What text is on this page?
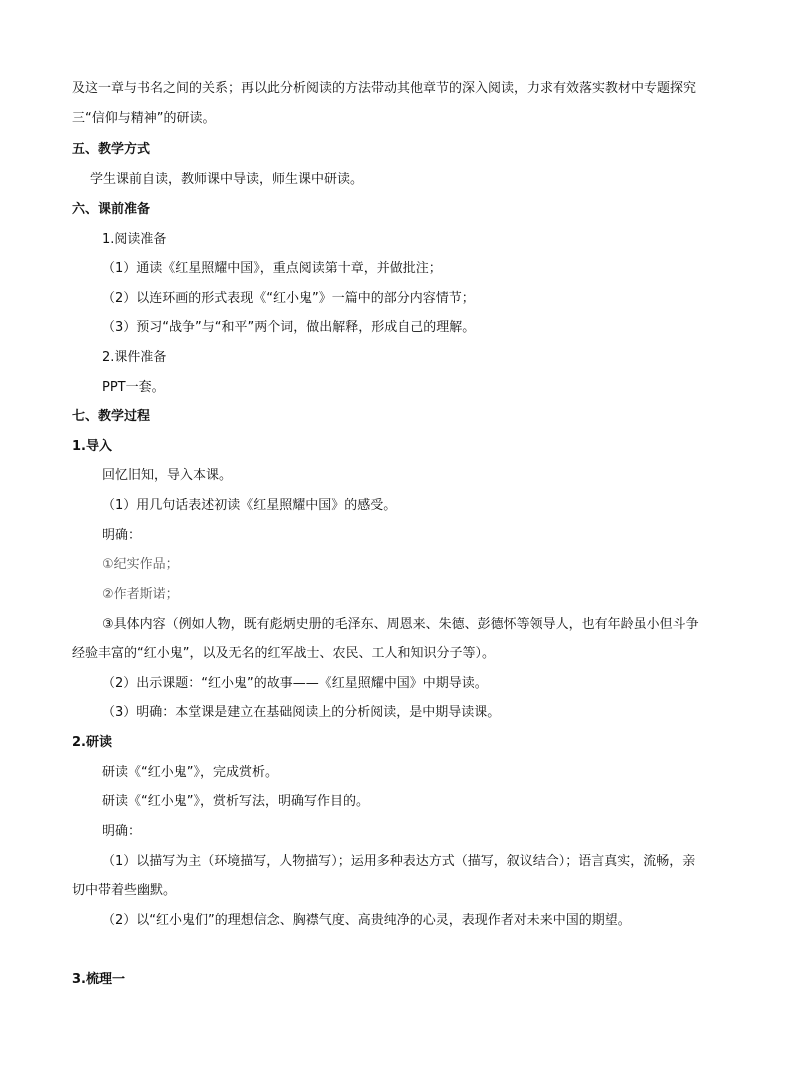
及这一章与书名之间的关系；再以此分析阅读的方法带动其他章节的深入阅读，力求有效落实教材中专题探究
三“信仰与精神”的研读。
五、教学方式
学生课前自读，教师课中导读，师生课中研读。
六、课前准备
1.阅读准备
（1）通读《红星照耀中国》，重点阅读第十章，并做批注；
（2）以连环画的形式表现《“红小鬼”》一篇中的部分内容情节；
（3）预习“战争”与“和平”两个词，做出解释，形成自己的理解。
2.课件准备
PPT一套。
七、教学过程
1.导入
回忆旧知，导入本课。
（1）用几句话表述初读《红星照耀中国》的感受。
明确：
①纪实作品；
②作者斯诺；
③具体内容（例如人物，既有彪炳史册的毛泽东、周恩来、朱德、彭德怀等领导人，也有年龄虽小但斗争
经验丰富的“红小鬼”，以及无名的红军战士、农民、工人和知识分子等）。
（2）出示课题：“红小鬼”的故事——《红星照耀中国》中期导读。
（3）明确：本堂课是建立在基础阅读上的分析阅读，是中期导读课。
2.研读
研读《“红小鬼”》，完成赏析。
研读《“红小鬼”》，赏析写法，明确写作目的。
明确：
（1）以描写为主（环境描写，人物描写）；运用多种表达方式（描写，叙议结合）；语言真实，流畅，亲
切中带着些幽默。
（2）以“红小鬼们”的理想信念、胸襟气度、高贵纯净的心灵，表现作者对未来中国的期望。
3.梳理一
